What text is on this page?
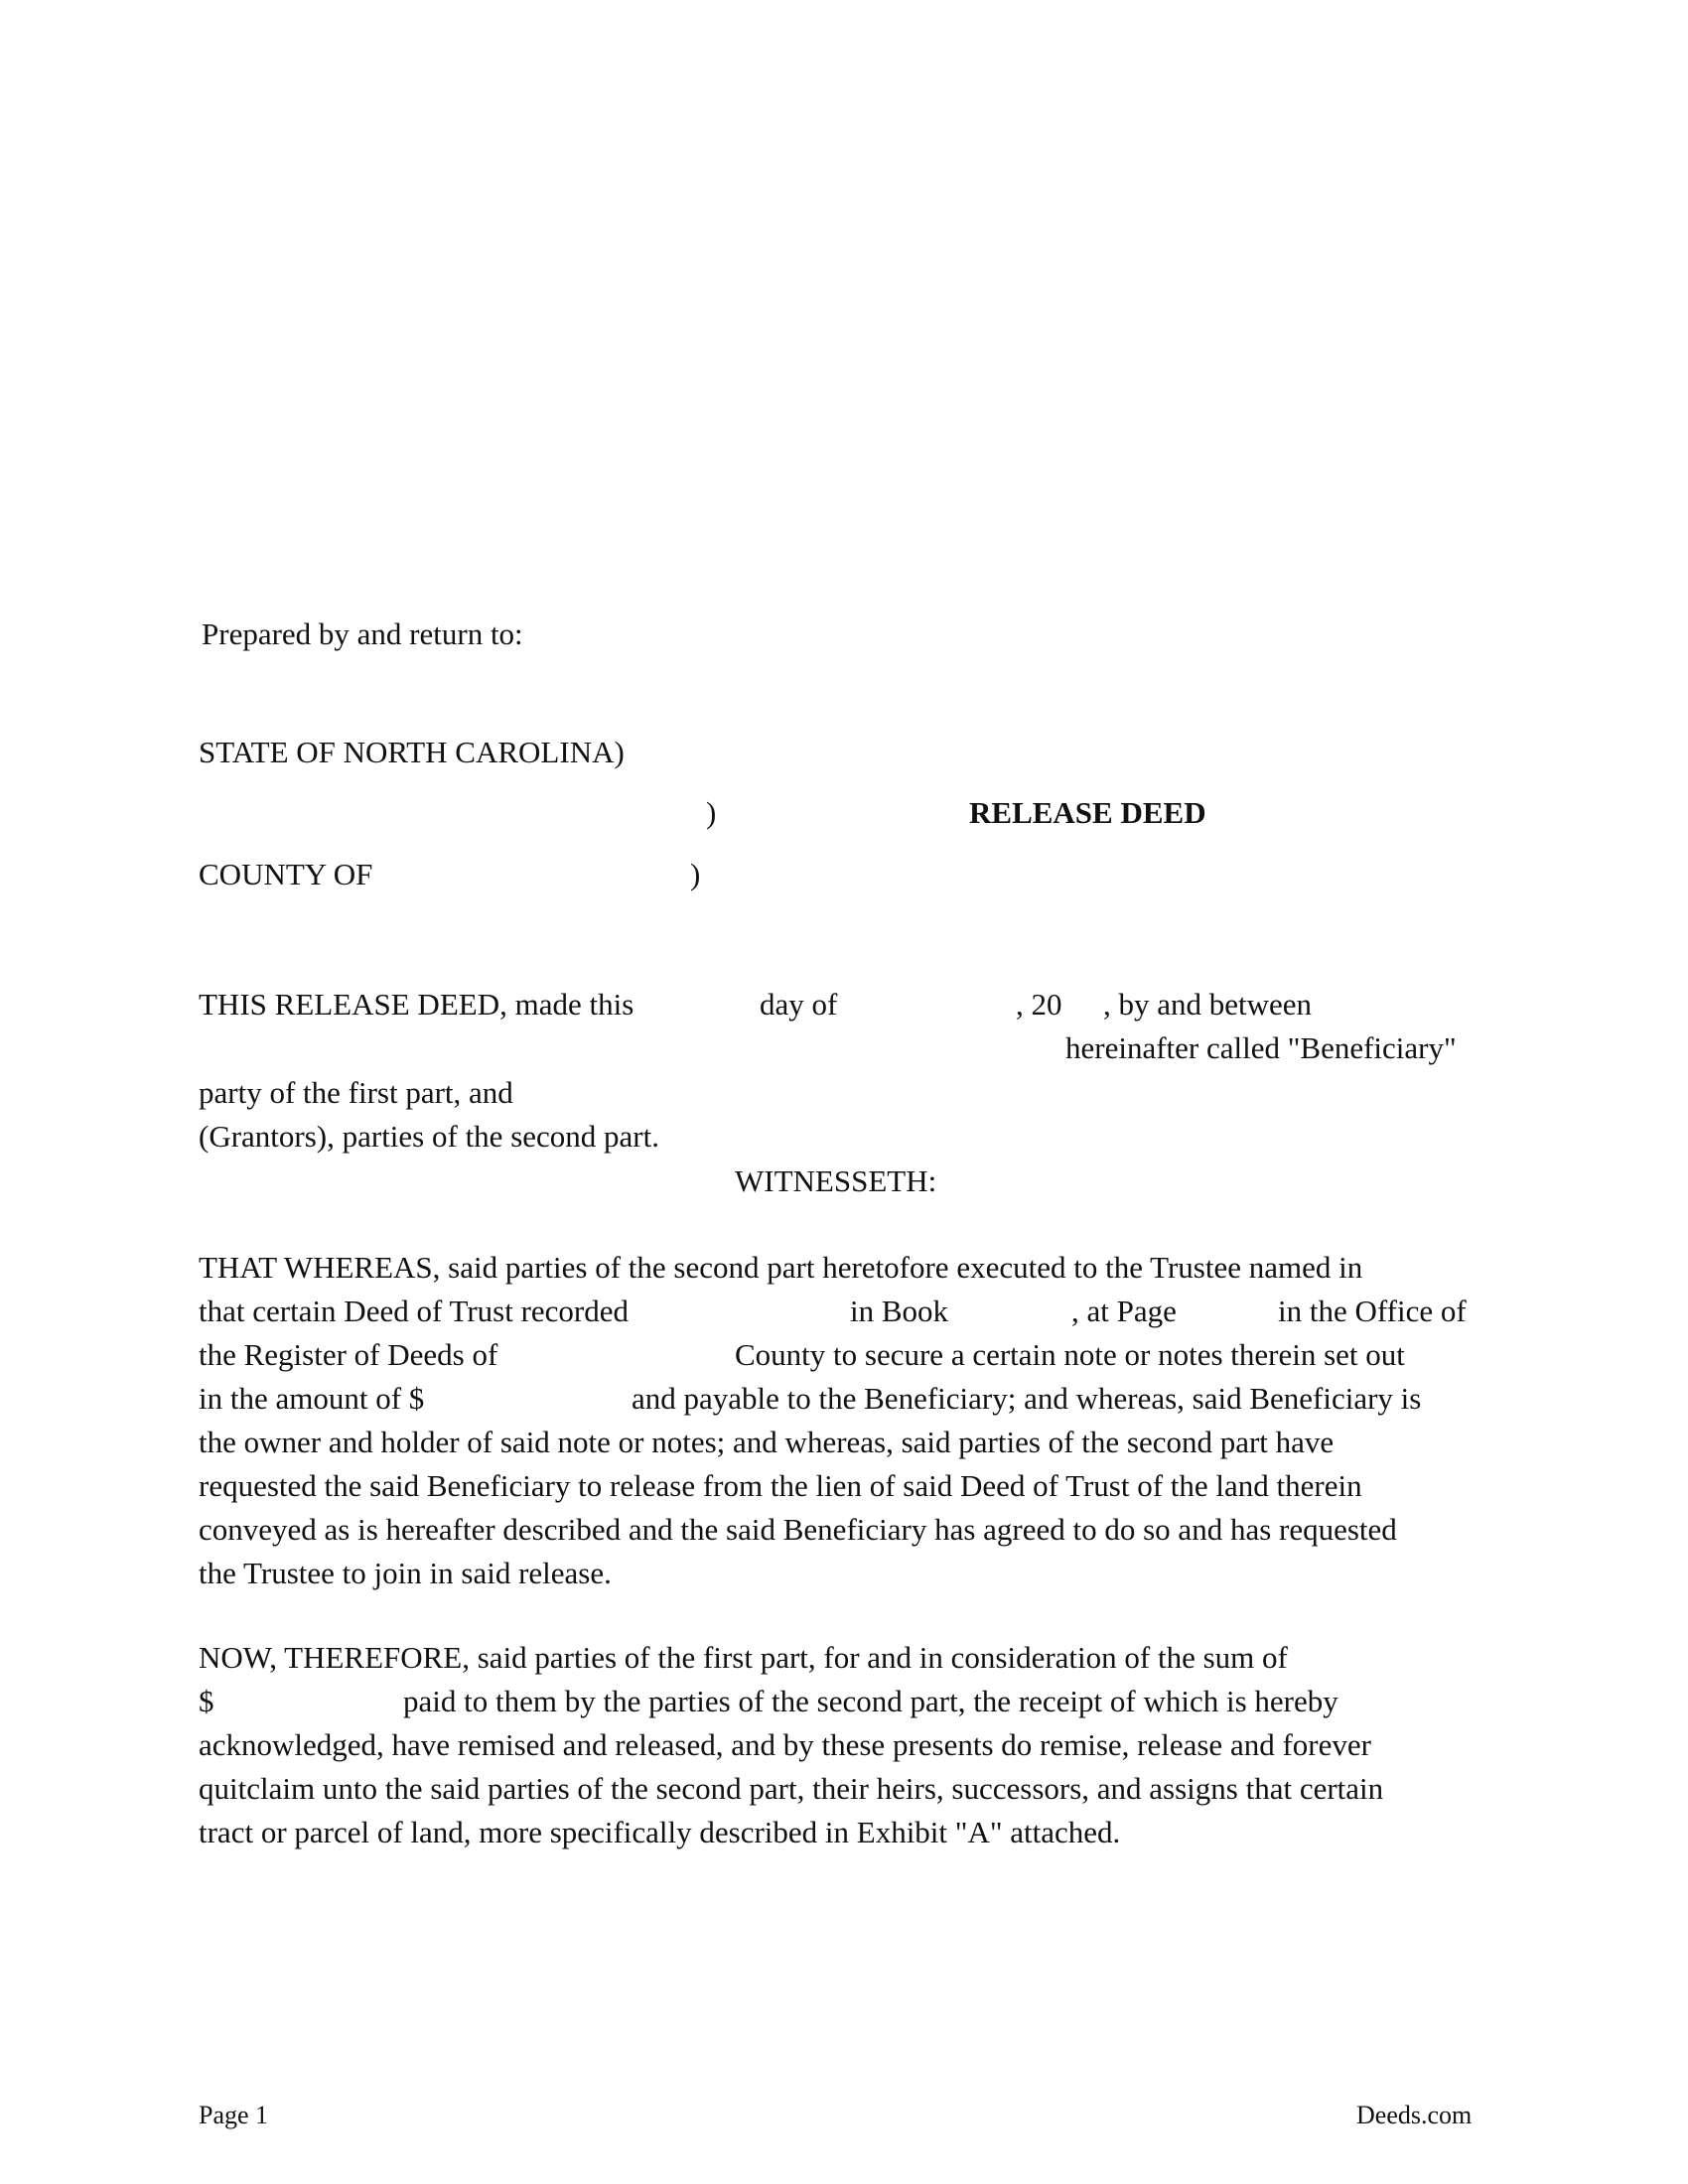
Prepared by and return to:
STATE OF NORTH CAROLINA)
)	RELEASE DEED
COUNTY OF	)
THIS RELEASE DEED, made this	day of	, 20 , by and between
hereinafter called "Beneficiary"
party of the first part, and
(Grantors), parties of the second part.
WITNESSETH:
THAT WHEREAS, said parties of the second part heretofore executed to the Trustee named in

that certain Deed of Trust recorded

	in Book

	, at Page

	in the Office of

the Register of Deeds of

	County to secure a certain note or notes therein set out

in the amount of $

	and payable to the Beneficiary; and whereas, said Beneficiary is

the owner and holder of said note or notes; and whereas, said parties of the second part have
requested the said Beneficiary to release from the lien of said Deed of Trust of the land therein
conveyed as is hereafter described and the said Beneficiary has agreed to do so and has requested
the Trustee to join in said release.
NOW, THEREFORE, said parties of the first part, for and in consideration of the sum of

$

	paid to them by the parties of the second part, the receipt of which is hereby

acknowledged, have remised and released, and by these presents do remise, release and forever
quitclaim unto the said parties of the second part, their heirs, successors, and assigns that certain
tract or parcel of land, more specifically described in Exhibit "A" attached.
Page 1	Deeds.com
